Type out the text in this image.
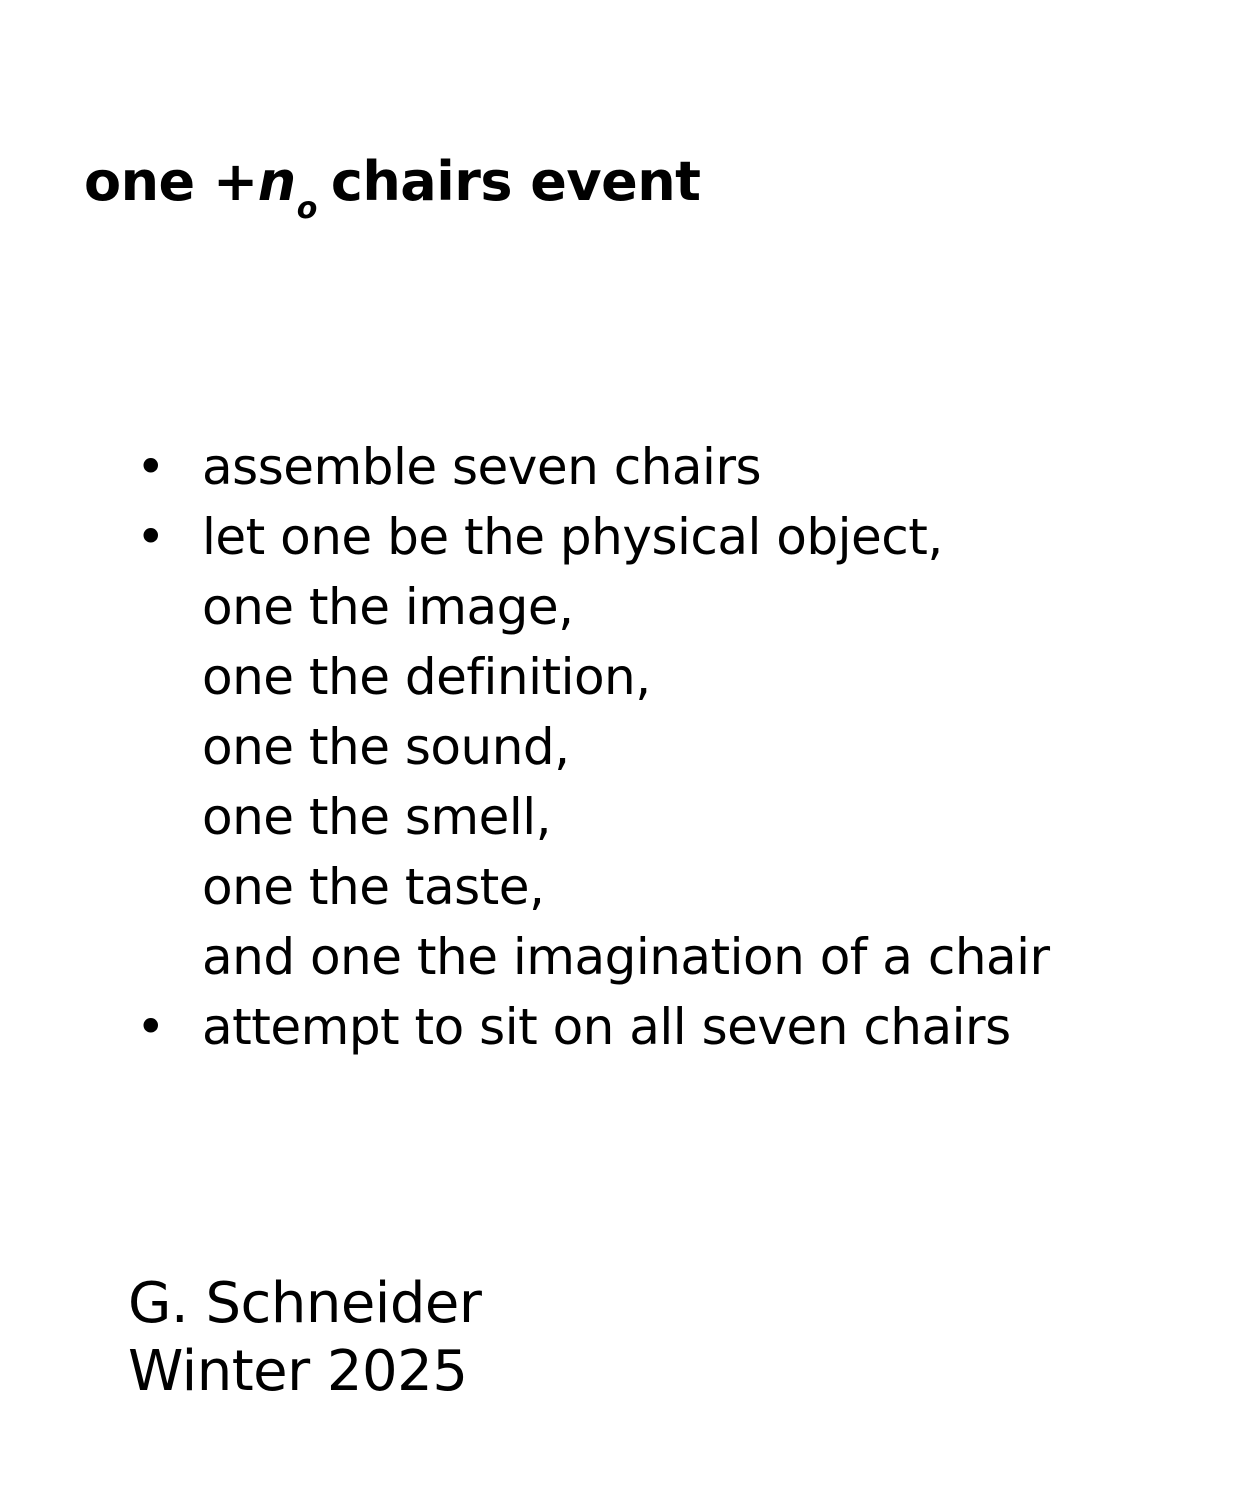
one $+n_o$ chairs event
• assemble seven chairs
• let one be the physical object,
one the image,
one the definition,
one the sound,
one the smell,
one the taste,
and one the imagination of a chair
• attempt to sit on all seven chairs
G. Schneider
Winter 2025
